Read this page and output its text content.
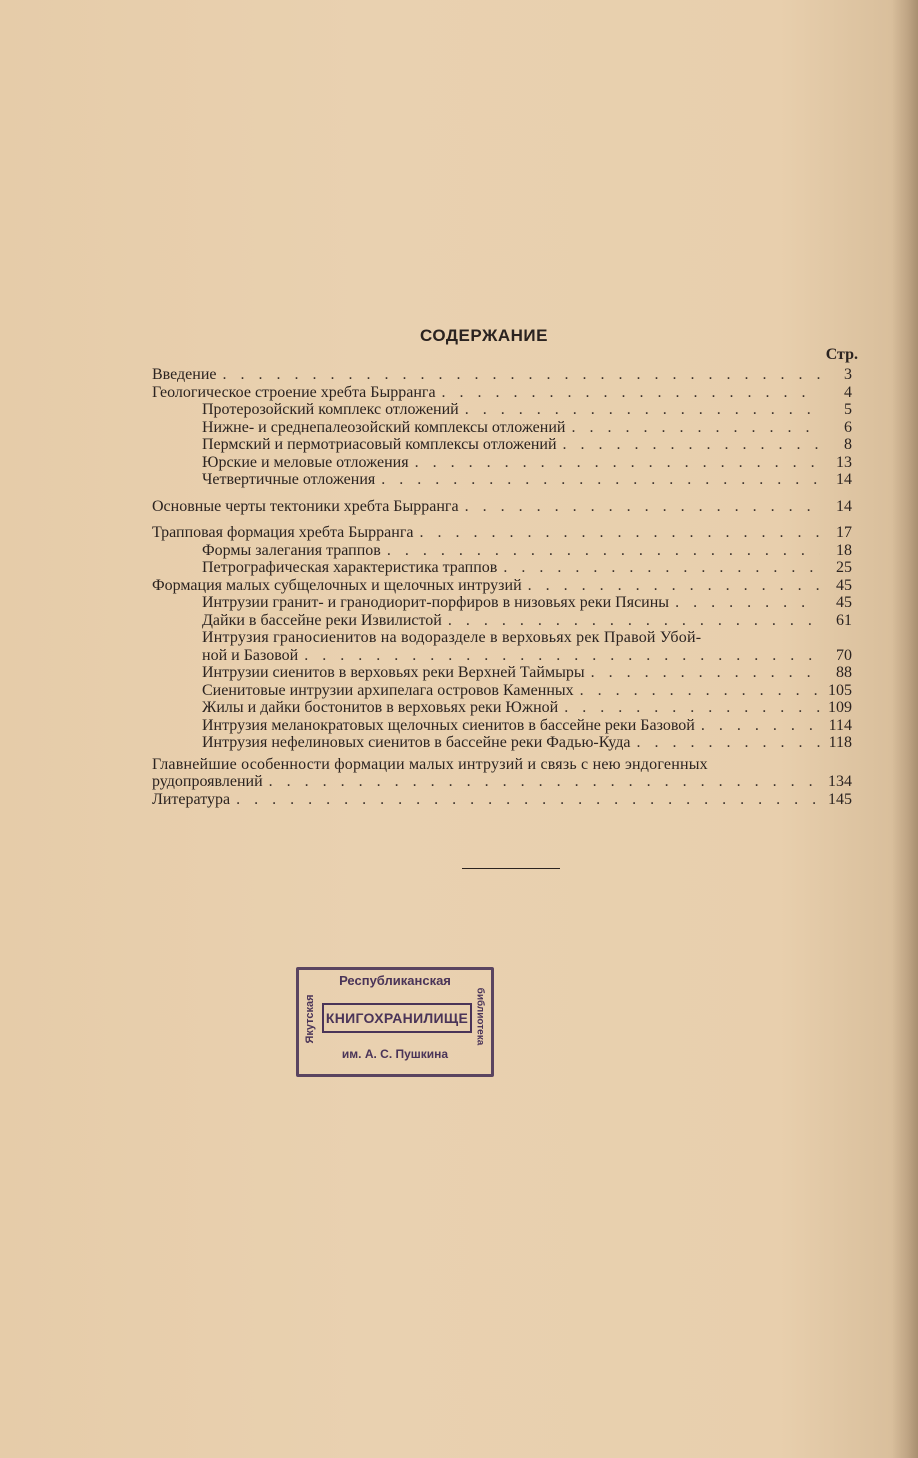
СОДЕРЖАНИЕ
Стр.
Введение . . .	3
Геологическое строение хребта Бырранга . . .	4
Протерозойский комплекс отложений . . .	5
Нижне- и среднепалеозойский комплексы отложений . . .	6
Пермский и пермотриасовый комплексы отложений . . .	8
Юрские и меловые отложения . . .	13
Четвертичные отложения . . .	14
Основные черты тектоники хребта Бырранга . . .	14
Трапповая формация хребта Бырранга . . .	17
Формы залегания траппов . . .	18
Петрографическая характеристика траппов . . .	25
Формация малых субщелочных и щелочных интрузий . . .	45
Интрузии гранит- и гранодиорит-порфиров в низовьях реки Пясины . . .	45
Дайки в бассейне реки Извилистой . . .	61
Интрузия граносиенитов на водоразделе в верховьях рек Правой Убой-
ной и Базовой . . .	70
Интрузии сиенитов в верховьях реки Верхней Таймыры . . .	88
Сиенитовые интрузии архипелага островов Каменных . . .	105
Жилы и дайки бостонитов в верховьях реки Южной . . .	109
Интрузия меланократовых щелочных сиенитов в бассейне реки Базовой . . .	114
Интрузия нефелиновых сиенитов в бассейне реки Фадью-Куда . . .	118
Главнейшие особенности формации малых интрузий и связь с нею эндогенных
рудопроявлений . . .	134
Литература . . .	145
Республиканская
КНИГОХРАНИЛИЩЕ
им. А. С. Пушкина
Якутская	библиотека
